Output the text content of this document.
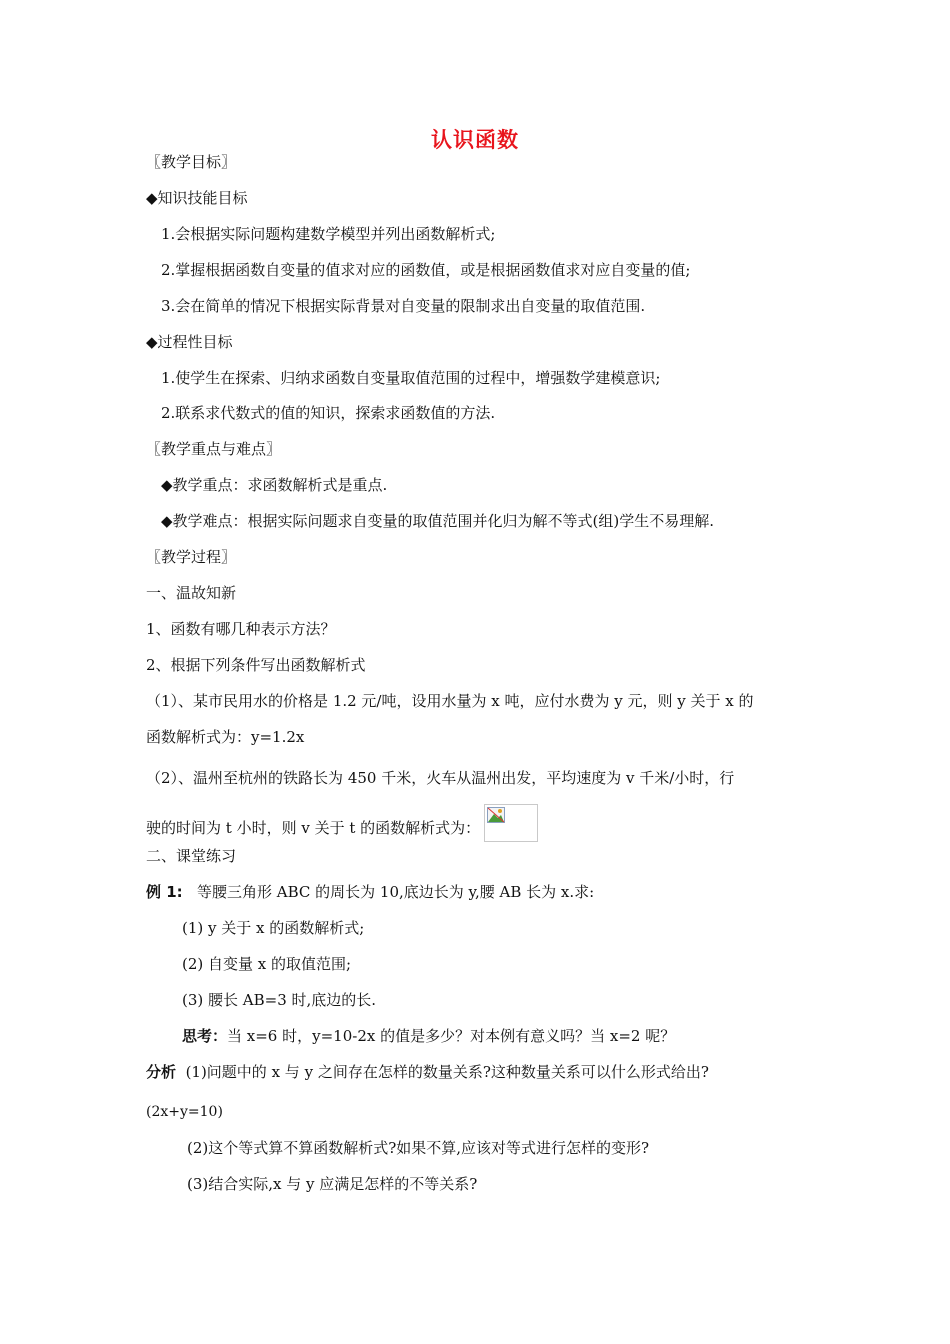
认识函数
〖教学目标〗
◆知识技能目标
1.会根据实际问题构建数学模型并列出函数解析式;
2.掌握根据函数自变量的值求对应的函数值，或是根据函数值求对应自变量的值;
3.会在简单的情况下根据实际背景对自变量的限制求出自变量的取值范围.
◆过程性目标
1.使学生在探索、归纳求函数自变量取值范围的过程中，增强数学建模意识;
2.联系求代数式的值的知识，探索求函数值的方法.
〖教学重点与难点〗
◆教学重点：求函数解析式是重点.
◆教学难点：根据实际问题求自变量的取值范围并化归为解不等式(组)学生不易理解.
〖教学过程〗
一、温故知新
1、函数有哪几种表示方法？
2、根据下列条件写出函数解析式
（1）、某市民用水的价格是 1.2 元/吨，设用水量为 x 吨，应付水费为 y 元，则 y 关于 x 的
函数解析式为：y=1.2x
（2）、温州至杭州的铁路长为 450 千米，火车从温州出发，平均速度为 v 千米/小时，行
驶的时间为 t 小时，则 v 关于 t 的函数解析式为：
二、课堂练习
例 1: 等腰三角形 ABC 的周长为 10,底边长为 y,腰 AB 长为 x.求:
(1) y 关于 x 的函数解析式;
(2) 自变量 x 的取值范围;
(3) 腰长 AB=3 时,底边的长.
思考：当 x=6 时，y=10-2x 的值是多少？对本例有意义吗？当 x=2 呢？
分析 (1)问题中的 x 与 y 之间存在怎样的数量关系?这种数量关系可以什么形式给出?
(2x+y=10)
(2)这个等式算不算函数解析式?如果不算,应该对等式进行怎样的变形?
(3)结合实际,x 与 y 应满足怎样的不等关系?
